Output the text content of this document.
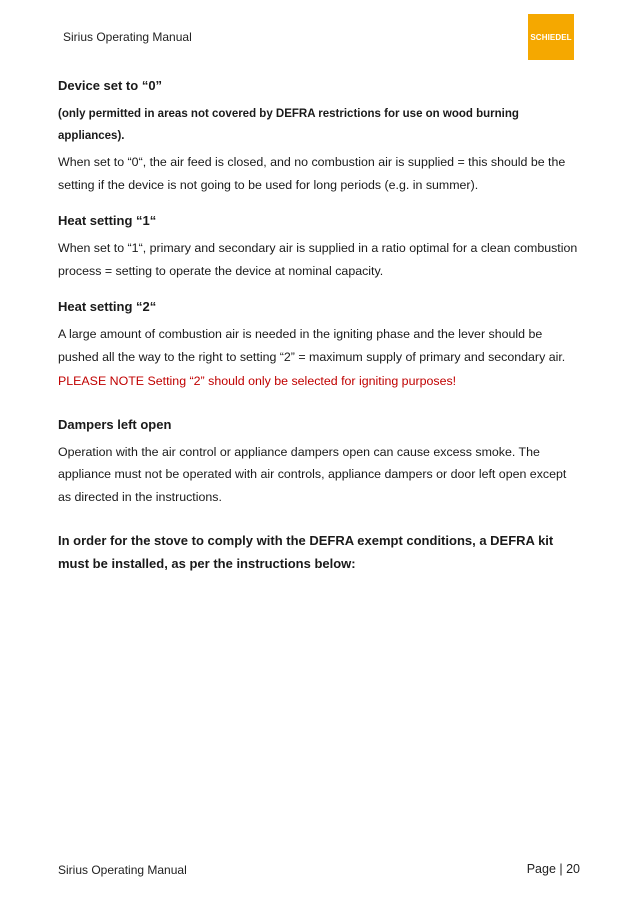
Sirius Operating Manual	SCHIEDEL

Device set to “0”

(only permitted in areas not covered by DEFRA restrictions for use on wood burning appliances).

When set to “0“, the air feed is closed, and no combustion air is supplied = this should be the setting if the device is not going to be used for long periods (e.g. in summer).

Heat setting “1“

When set to “1“, primary and secondary air is supplied in a ratio optimal for a clean combustion process = setting to operate the device at nominal capacity.

Heat setting “2“

A large amount of combustion air is needed in the igniting phase and the lever should be pushed all the way to the right to setting “2” = maximum supply of primary and secondary air.

PLEASE NOTE Setting “2” should only be selected for igniting purposes!

Dampers left open

Operation with the air control or appliance dampers open can cause excess smoke. The appliance must not be operated with air controls, appliance dampers or door left open except as directed in the instructions.

In order for the stove to comply with the DEFRA exempt conditions, a DEFRA kit must be installed, as per the instructions below:

Sirius Operating Manual	Page | 20
